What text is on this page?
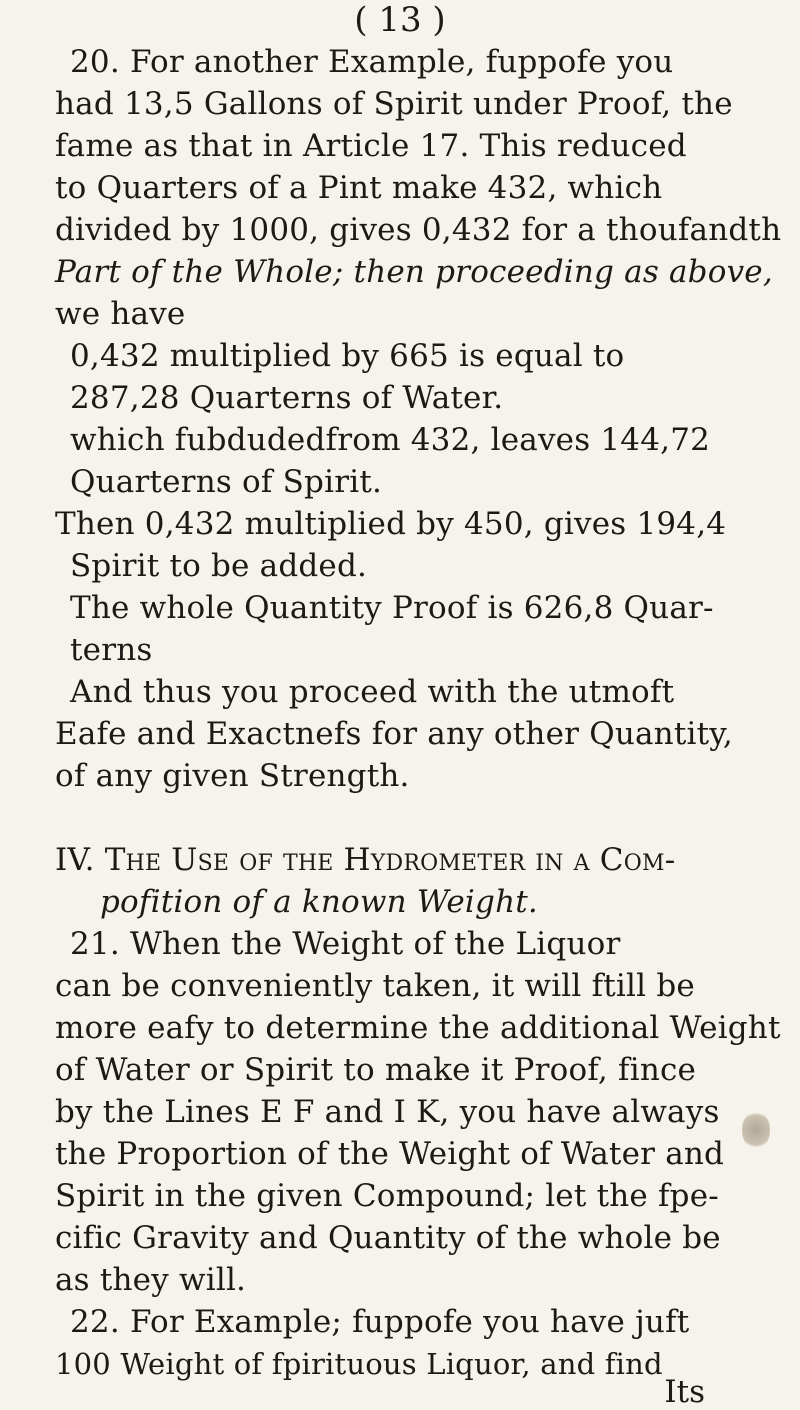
( 13 )
20. For another Example, fuppofe you
had 13,5 Gallons of Spirit under Proof, the
fame as that in Article 17. This reduced
to Quarters of a Pint make 432, which
divided by 1000, gives 0,432 for a thoufandth
Part of the Whole; then proceeding as above,
we have
0,432 multiplied by 665 is equal to
287,28 Quarterns of Water.
which fubdudedfrom 432, leaves 144,72
Quarterns of Spirit.
Then 0,432 multiplied by 450, gives 194,4
Spirit to be added.
The whole Quantity Proof is 626,8 Quar-
terns
And thus you proceed with the utmoft
Eafe and Exactnefs for any other Quantity,
of any given Strength.
IV. The Use of the Hydrometer in a Com-
pofition of a known Weight.
21. When the Weight of the Liquor
can be conveniently taken, it will ftill be
more eafy to determine the additional Weight
of Water or Spirit to make it Proof, fince
by the Lines E F and I K, you have always
the Proportion of the Weight of Water and
Spirit in the given Compound; let the fpe-
cific Gravity and Quantity of the whole be
as they will.
22. For Example; fuppofe you have juft
100 Weight of fpirituous Liquor, and find
Its
